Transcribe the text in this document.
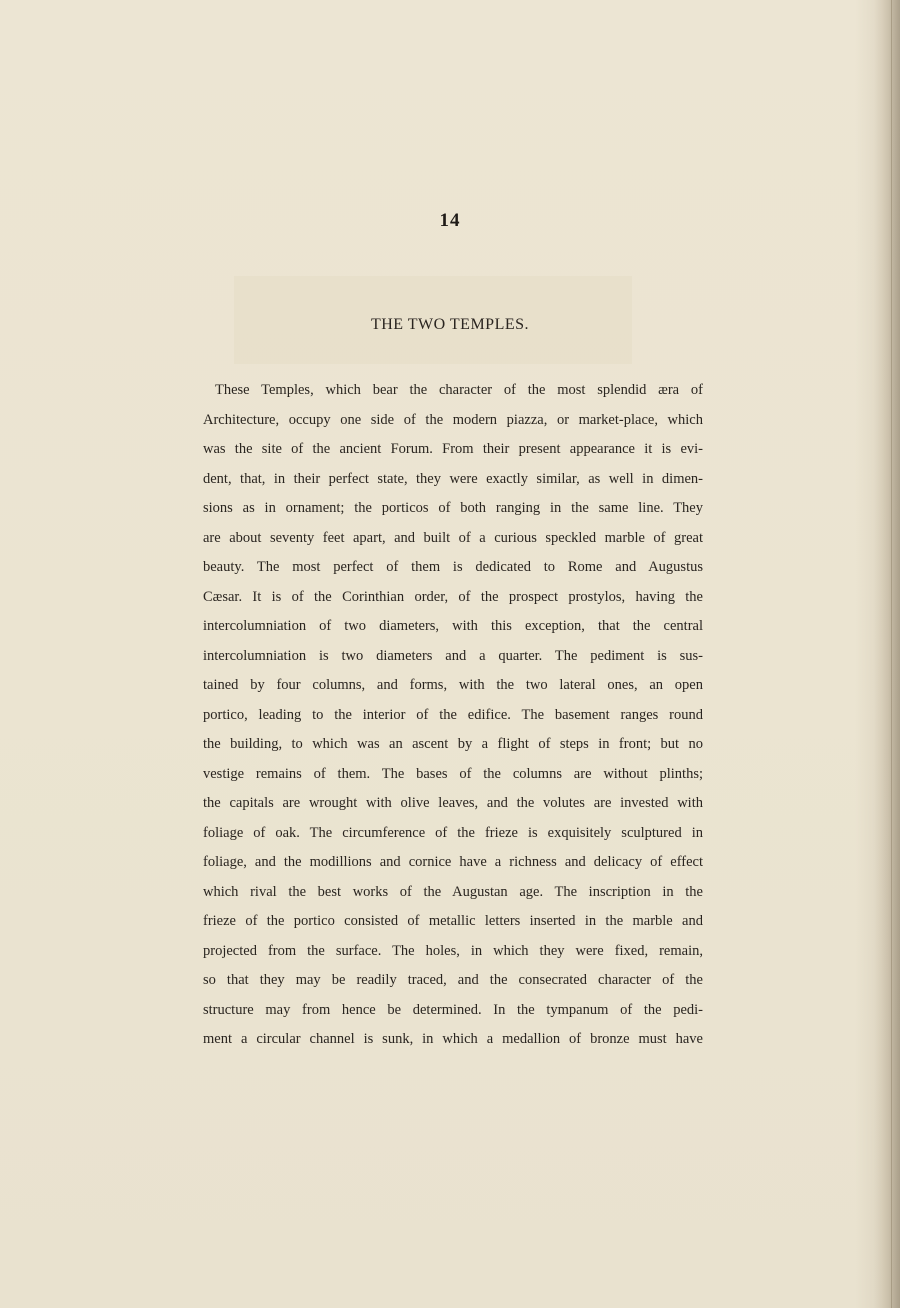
14
THE TWO TEMPLES.
These Temples, which bear the character of the most splendid æra of
Architecture, occupy one side of the modern piazza, or market-place, which
was the site of the ancient Forum. From their present appearance it is evi-
dent, that, in their perfect state, they were exactly similar, as well in dimen-
sions as in ornament; the porticos of both ranging in the same line. They
are about seventy feet apart, and built of a curious speckled marble of great
beauty. The most perfect of them is dedicated to Rome and Augustus
Cæsar. It is of the Corinthian order, of the prospect prostylos, having the
intercolumniation of two diameters, with this exception, that the central
intercolumniation is two diameters and a quarter. The pediment is sus-
tained by four columns, and forms, with the two lateral ones, an open
portico, leading to the interior of the edifice. The basement ranges round
the building, to which was an ascent by a flight of steps in front; but no
vestige remains of them. The bases of the columns are without plinths;
the capitals are wrought with olive leaves, and the volutes are invested with
foliage of oak. The circumference of the frieze is exquisitely sculptured in
foliage, and the modillions and cornice have a richness and delicacy of effect
which rival the best works of the Augustan age. The inscription in the
frieze of the portico consisted of metallic letters inserted in the marble and
projected from the surface. The holes, in which they were fixed, remain,
so that they may be readily traced, and the consecrated character of the
structure may from hence be determined. In the tympanum of the pedi-
ment a circular channel is sunk, in which a medallion of bronze must have
